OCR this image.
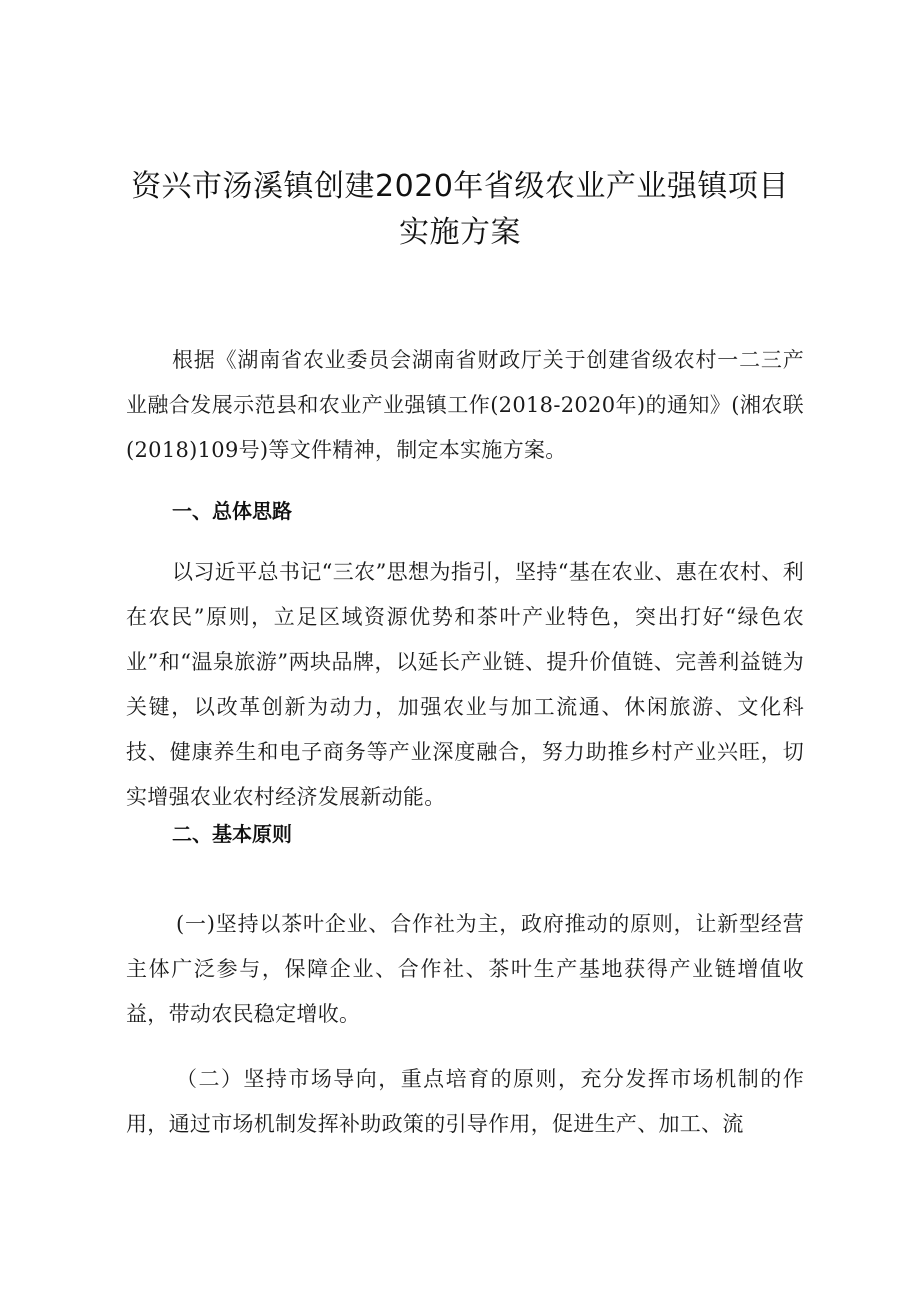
资兴市汤溪镇创建2020年省级农业产业强镇项目
实施方案

根据《湖南省农业委员会湖南省财政厅关于创建省级农村一二三产业融合发展示范县和农业产业强镇工作(2018-2020年)的通知》(湘农联(2018)109号)等文件精神，制定本实施方案。

一、总体思路

以习近平总书记“三农”思想为指引，坚持“基在农业、惠在农村、利在农民”原则，立足区域资源优势和茶叶产业特色，突出打好“绿色农业”和“温泉旅游”两块品牌，以延长产业链、提升价值链、完善利益链为关键，以改革创新为动力，加强农业与加工流通、休闲旅游、文化科技、健康养生和电子商务等产业深度融合，努力助推乡村产业兴旺，切实增强农业农村经济发展新动能。

二、基本原则

(一)坚持以茶叶企业、合作社为主，政府推动的原则，让新型经营主体广泛参与，保障企业、合作社、茶叶生产基地获得产业链增值收益，带动农民稳定增收。

（二）坚持市场导向，重点培育的原则，充分发挥市场机制的作用，通过市场机制发挥补助政策的引导作用，促进生产、加工、流
